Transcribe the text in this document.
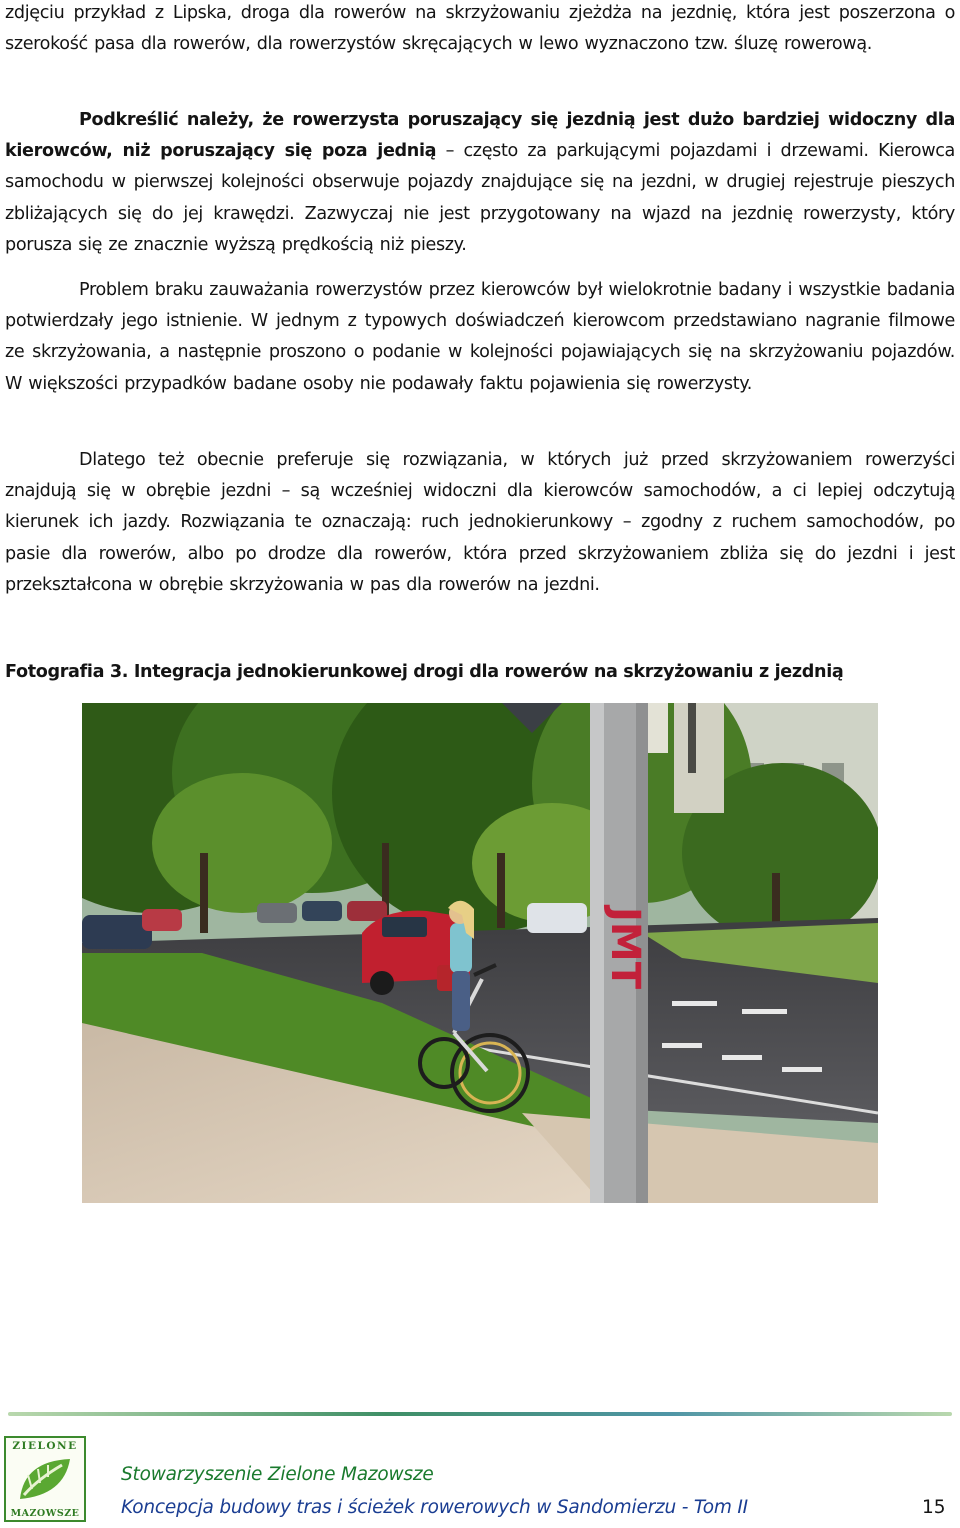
zdjęciu przykład z Lipska, droga dla rowerów na skrzyżowaniu zjeżdża na jezdnię, która jest poszerzona o szerokość pasa dla rowerów, dla rowerzystów skręcających w lewo wyznaczono tzw. śluzę rowerową.

Podkreślić należy, że rowerzysta poruszający się jezdnią jest dużo bardziej widoczny dla kierowców, niż poruszający się poza jednią – często za parkującymi pojazdami i drzewami. Kierowca samochodu w pierwszej kolejności obserwuje pojazdy znajdujące się na jezdni, w drugiej rejestruje pieszych zbliżających się do jej krawędzi. Zazwyczaj nie jest przygotowany na wjazd na jezdnię rowerzysty, który porusza się ze znacznie wyższą prędkością niż pieszy.

Problem braku zauważania rowerzystów przez kierowców był wielokrotnie badany i wszystkie badania potwierdzały jego istnienie. W jednym z typowych doświadczeń kierowcom przedstawiano nagranie filmowe ze skrzyżowania, a następnie proszono o podanie w kolejności pojawiających się na skrzyżowaniu pojazdów. W większości przypadków badane osoby nie podawały faktu pojawienia się rowerzysty.

Dlatego też obecnie preferuje się rozwiązania, w których już przed skrzyżowaniem rowerzyści znajdują się w obrębie jezdni – są wcześniej widoczni dla kierowców samochodów, a ci lepiej odczytują kierunek ich jazdy. Rozwiązania te oznaczają: ruch jednokierunkowy – zgodny z ruchem samochodów, po pasie dla rowerów, albo po drodze dla rowerów, która przed skrzyżowaniem zbliża się do jezdni i jest przekształcona w obrębie skrzyżowania w pas dla rowerów na jezdni.

Fotografia 3. Integracja jednokierunkowej drogi dla rowerów na skrzyżowaniu z jezdnią

JMT
ZIELONE
MAZOWSZE
Stowarzyszenie Zielone Mazowsze
Koncepcja budowy tras i ścieżek rowerowych w Sandomierzu - Tom II	15
